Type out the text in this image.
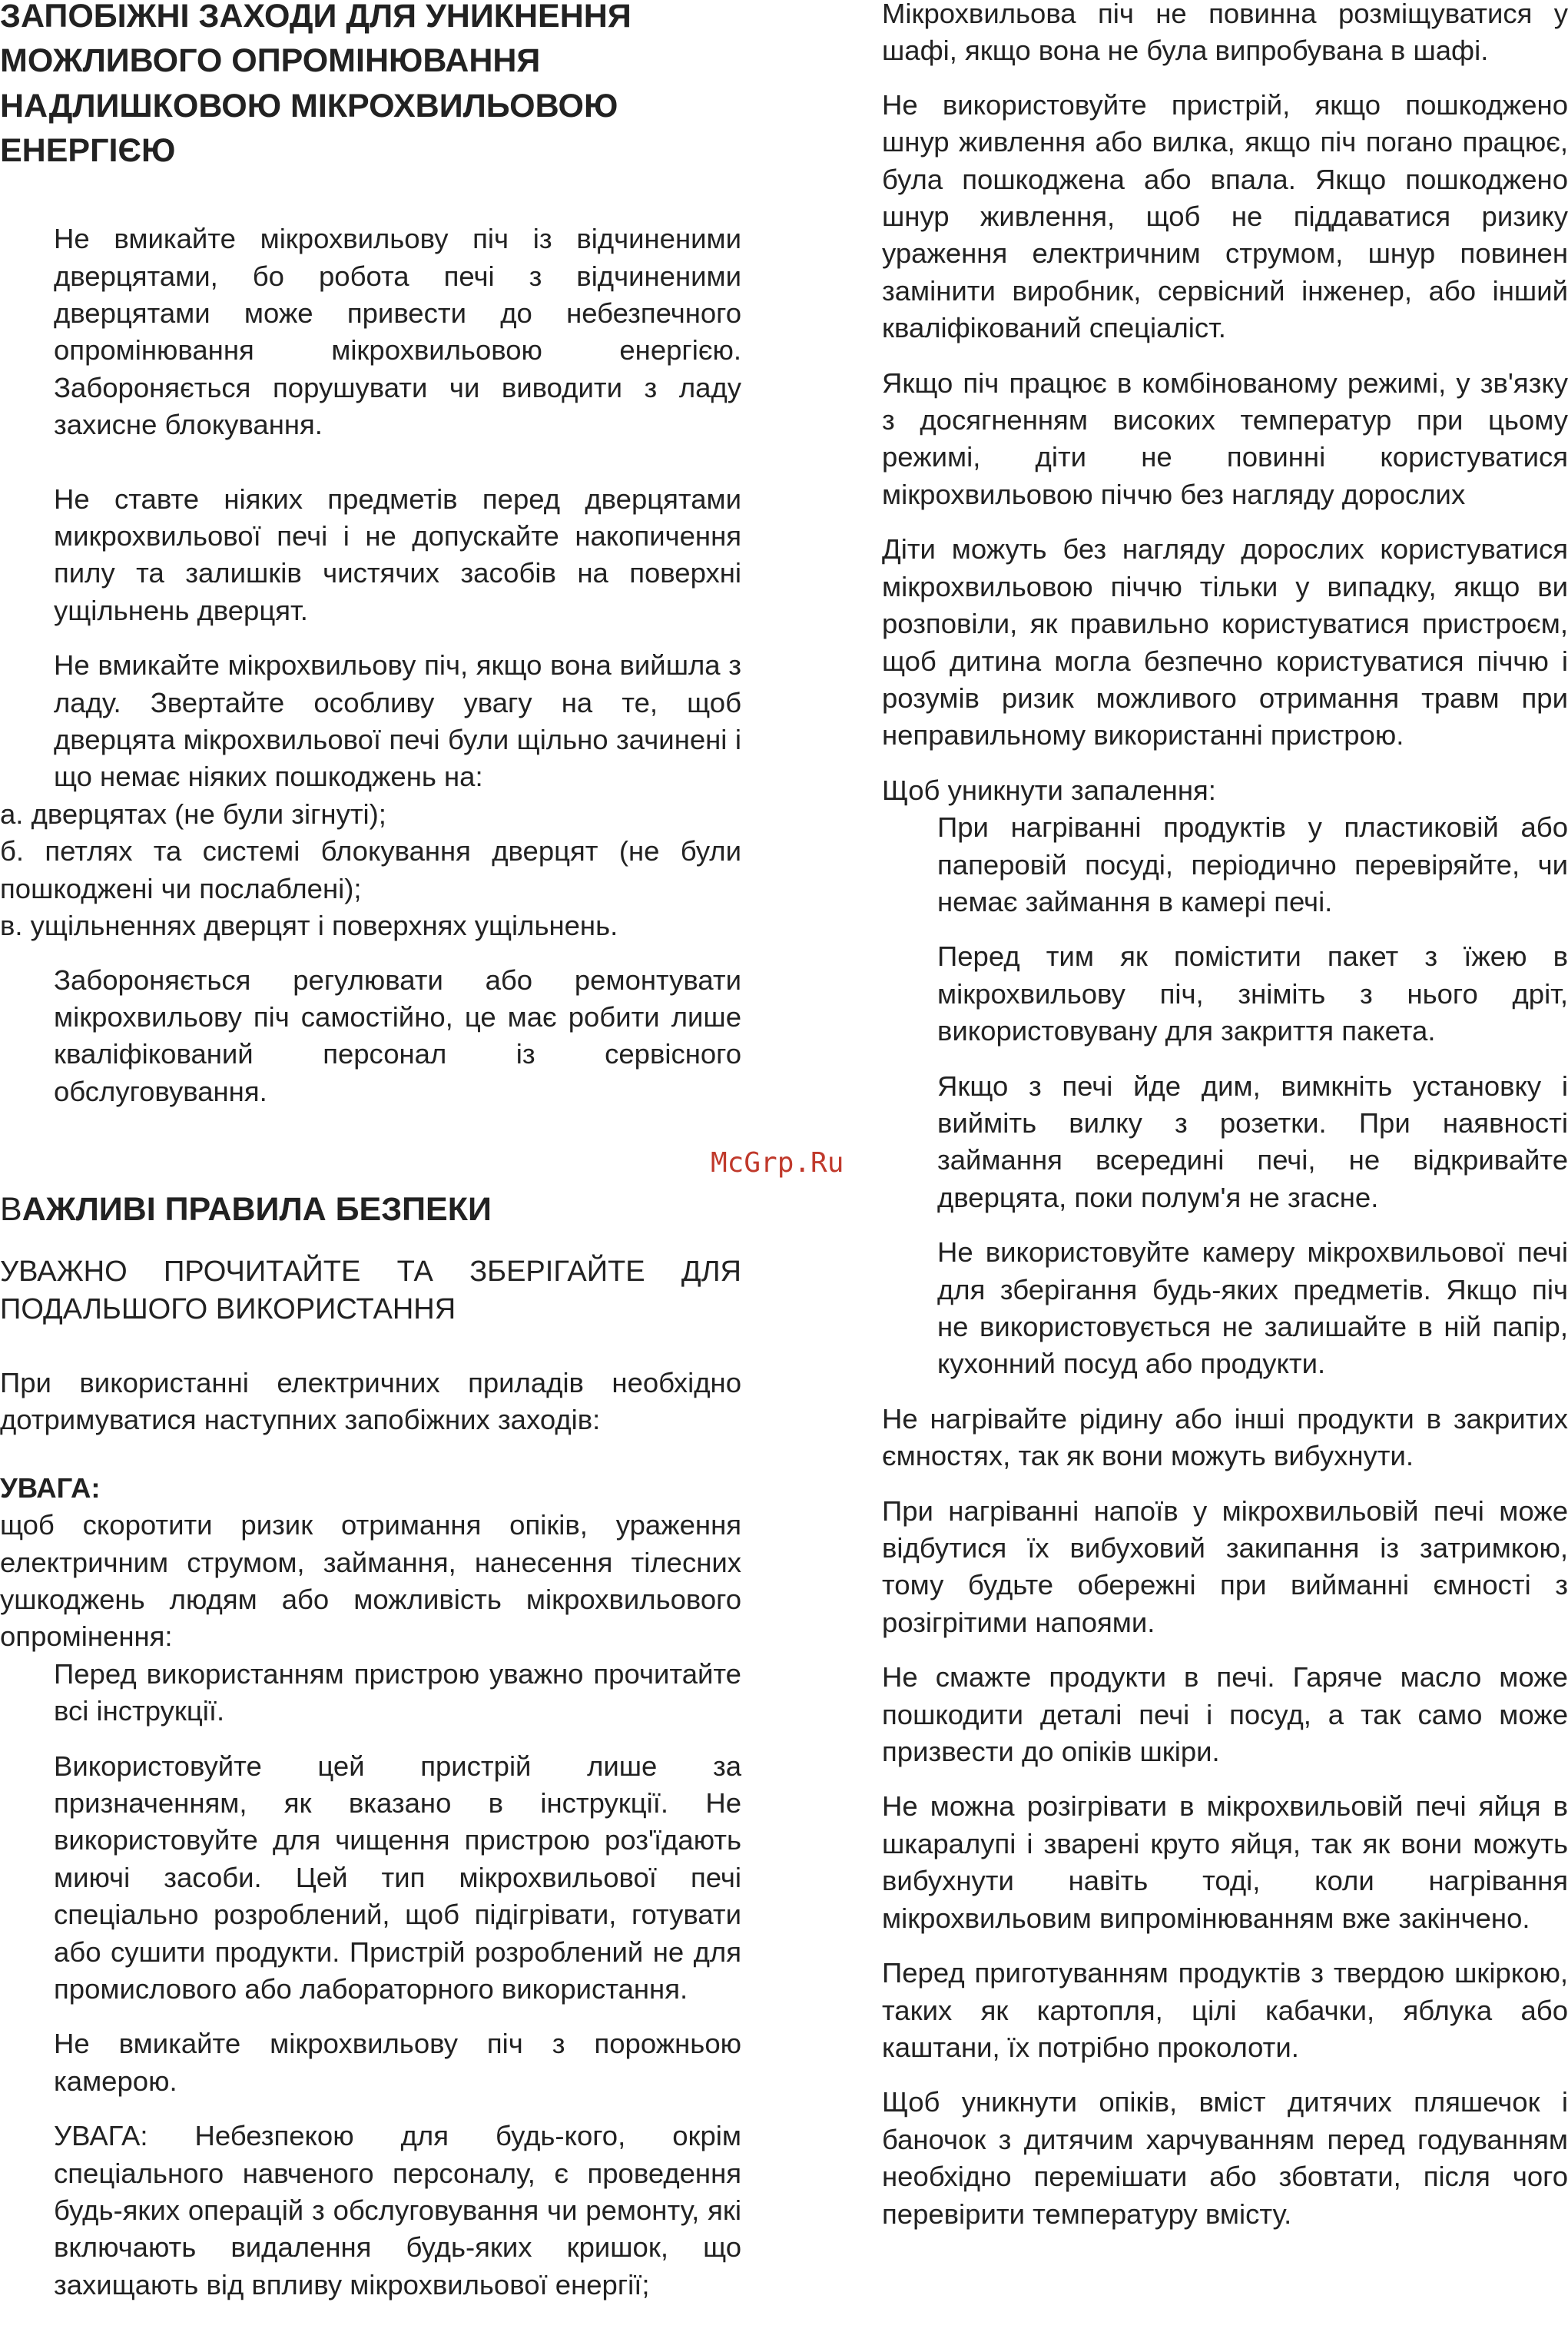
ЗАПОБІЖНІ ЗАХОДИ ДЛЯ УНИКНЕННЯ МОЖЛИВОГО ОПРОМІНЮВАННЯ НАДЛИШКОВОЮ МІКРОХВИЛЬОВОЮ ЕНЕРГІЄЮ

Не вмикайте мікрохвильову піч із відчиненими дверцятами, бо робота печі з відчиненими дверцятами може привести до небезпечного опромінювання мікрохвильовою енергією. Забороняється порушувати чи виводити з ладу захисне блокування.

Не ставте ніяких предметів перед дверцятами микрохвильової печі і не допускайте накопичення пилу та залишків чистячих засобів на поверхні ущільнень дверцят.

Не вмикайте мікрохвильову піч, якщо вона вийшла з ладу. Звертайте особливу увагу на те, щоб дверцята мікрохвильової печі були щільно зачинені і що немає ніяких пошкоджень на:

а. дверцятах (не були зігнуті);

б. петлях та системі блокування дверцят (не були пошкоджені чи послаблені);

в. ущільненнях дверцят і поверхнях ущільнень.

Забороняється регулювати або ремонтувати мікрохвильову піч самостійно, це має робити лише кваліфікований персонал із сервісного обслуговування.

ВАЖЛИВІ ПРАВИЛА БЕЗПЕКИ

УВАЖНО ПРОЧИТАЙТЕ ТА ЗБЕРІГАЙТЕ ДЛЯ ПОДАЛЬШОГО ВИКОРИСТАННЯ

При використанні електричних приладів необхідно дотримуватися наступних запобіжних заходів:

УВАГА:

щоб скоротити ризик отримання опіків, ураження електричним струмом, займання, нанесення тілесних ушкоджень людям або можливість мікрохвильового опромінення:

Перед використанням пристрою уважно прочитайте всі інструкції.

Використовуйте цей пристрій лише за призначенням, як вказано в інструкції. Не використовуйте для чищення пристрою роз'їдають миючі засоби. Цей тип мікрохвильової печі спеціально розроблений, щоб підігрівати, готувати або сушити продукти. Пристрій розроблений не для промислового або лабораторного використання.

Не вмикайте мікрохвильову піч з порожньою камерою.

УВАГА: Небезпекою для будь-кого, окрім спеціального навченого персоналу, є проведення будь-яких операцій з обслуговування чи ремонту, які включають видалення будь-яких кришок, що захищають від впливу мікрохвильової енергії;

McGrp.Ru

Мікрохвильова піч не повинна розміщуватися у шафі, якщо вона не була випробувана в шафі.

Не використовуйте пристрій, якщо пошкоджено шнур живлення або вилка, якщо піч погано працює, була пошкоджена або впала. Якщо пошкоджено шнур живлення, щоб не піддаватися ризику ураження електричним струмом, шнур повинен замінити виробник, сервісний інженер, або інший кваліфікований спеціаліст.

Якщо піч працює в комбінованому режимі, у зв'язку з досягненням високих температур при цьому режимі, діти не повинні користуватися мікрохвильовою піччю без нагляду дорослих

Діти можуть без нагляду дорослих користуватися мікрохвильовою піччю тільки у випадку, якщо ви розповіли, як правильно користуватися пристроєм, щоб дитина могла безпечно користуватися піччю і розумів ризик можливого отримання травм при неправильному використанні пристрою.

Щоб уникнути запалення:

При нагріванні продуктів у пластиковій або паперовій посуді, періодично перевіряйте, чи немає займання в камері печі.

Перед тим як помістити пакет з їжею в мікрохвильову піч, зніміть з нього дріт, використовувану для закриття пакета.

Якщо з печі йде дим, вимкніть установку і вийміть вилку з розетки. При наявності займання всередині печі, не відкривайте дверцята, поки полум'я не згасне.

Не використовуйте камеру мікрохвильової печі для зберігання будь-яких предметів. Якщо піч не використовується не залишайте в ній папір, кухонний посуд або продукти.

Не нагрівайте рідину або інші продукти в закритих ємностях, так як вони можуть вибухнути.

При нагріванні напоїв у мікрохвильовій печі може відбутися їх вибуховий закипання із затримкою, тому будьте обережні при вийманні ємності з розігрітими напоями.

Не смажте продукти в печі. Гаряче масло може пошкодити деталі печі і посуд, а так само може призвести до опіків шкіри.

Не можна розігрівати в мікрохвильовій печі яйця в шкаралупі і зварені круто яйця, так як вони можуть вибухнути навіть тоді, коли нагрівання мікрохвильовим випромінюванням вже закінчено.

Перед приготуванням продуктів з твердою шкіркою, таких як картопля, цілі кабачки, яблука або каштани, їх потрібно проколоти.

Щоб уникнути опіків, вміст дитячих пляшечок і баночок з дитячим харчуванням перед годуванням необхідно перемішати або збовтати, після чого перевірити температуру вмісту.
